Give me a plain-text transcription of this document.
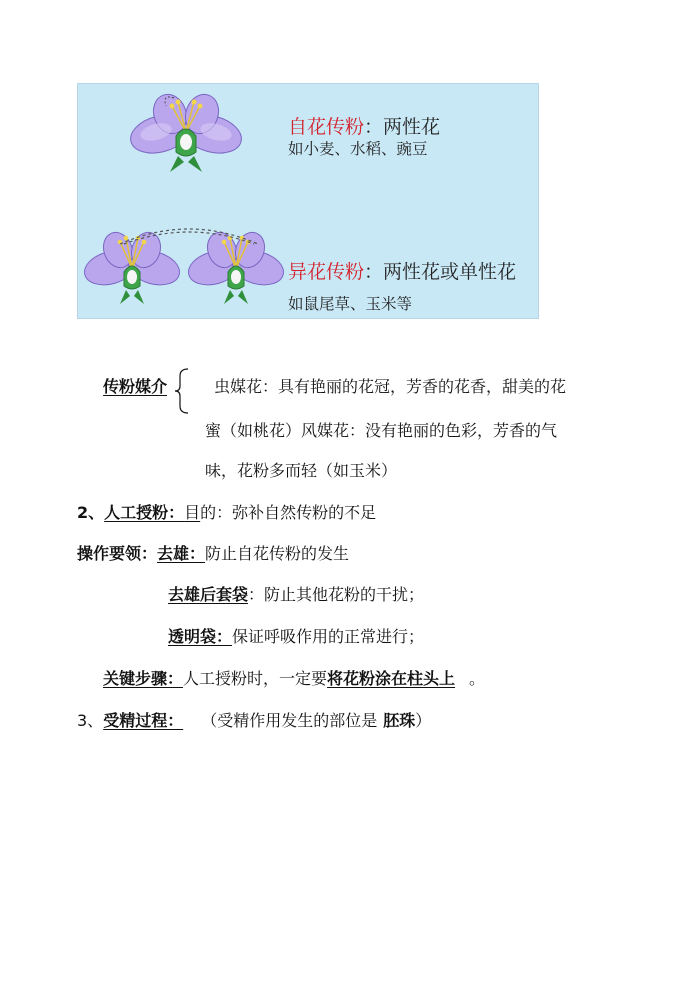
自花传粉：两性花
如小麦、水稻、豌豆
异花传粉：两性花或单性花
如鼠尾草、玉米等
传粉媒介	虫媒花：具有艳丽的花冠，芳香的花香，甜美的花
蜜（如桃花）风媒花：没有艳丽的色彩，芳香的气
味，花粉多而轻（如玉米）
2、人工授粉：目的：弥补自然传粉的不足
操作要领：去雄：防止自花传粉的发生
去雄后套袋：防止其他花粉的干扰；
透明袋：保证呼吸作用的正常进行；
关键步骤：人工授粉时，一定要将花粉涂在柱头上 。
3、受精过程： （受精作用发生的部位是 胚珠）
